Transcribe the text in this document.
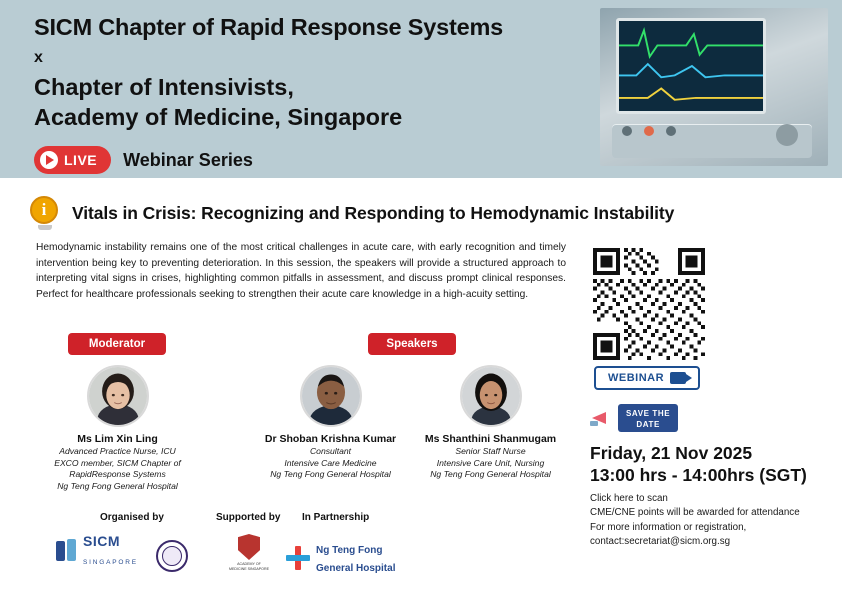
SICM Chapter of Rapid Response Systems
x
Chapter of Intensivists,
Academy of Medicine, Singapore
LIVE Webinar Series
i	Vitals in Crisis: Recognizing and Responding to Hemodynamic Instability
Hemodynamic instability remains one of the most critical challenges in acute care, with early recognition and timely intervention being key to preventing deterioration. In this session, the speakers will provide a structured approach to interpreting vital signs in crises, highlighting common pitfalls in assessment, and discuss prompt clinical responses. Perfect for healthcare professionals seeking to strengthen their acute care knowledge in a high-acuity setting.
WEBINAR
SAVE THE
DATE
Friday, 21 Nov 2025
13:00 hrs - 14:00hrs (SGT)
Click here to scan
CME/CNE points will be awarded for attendance
For more information or registration,
contact:secretariat@sicm.org.sg
Moderator	Speakers
Ms Lim Xin Ling
Advanced Practice Nurse, ICU
EXCO member, SICM Chapter of
RapidResponse Systems
Ng Teng Fong General Hospital
Dr Shoban Krishna Kumar
Consultant
Intensive Care Medicine
Ng Teng Fong General Hospital
Ms Shanthini Shanmugam
Senior Staff Nurse
Intensive Care Unit, Nursing
Ng Teng Fong General Hospital
Organised by	Supported by In Partnership
SICM
SINGAPORE	ACADEMY OF MEDICINE SINGAPORE
Ng Teng Fong
General Hospital
